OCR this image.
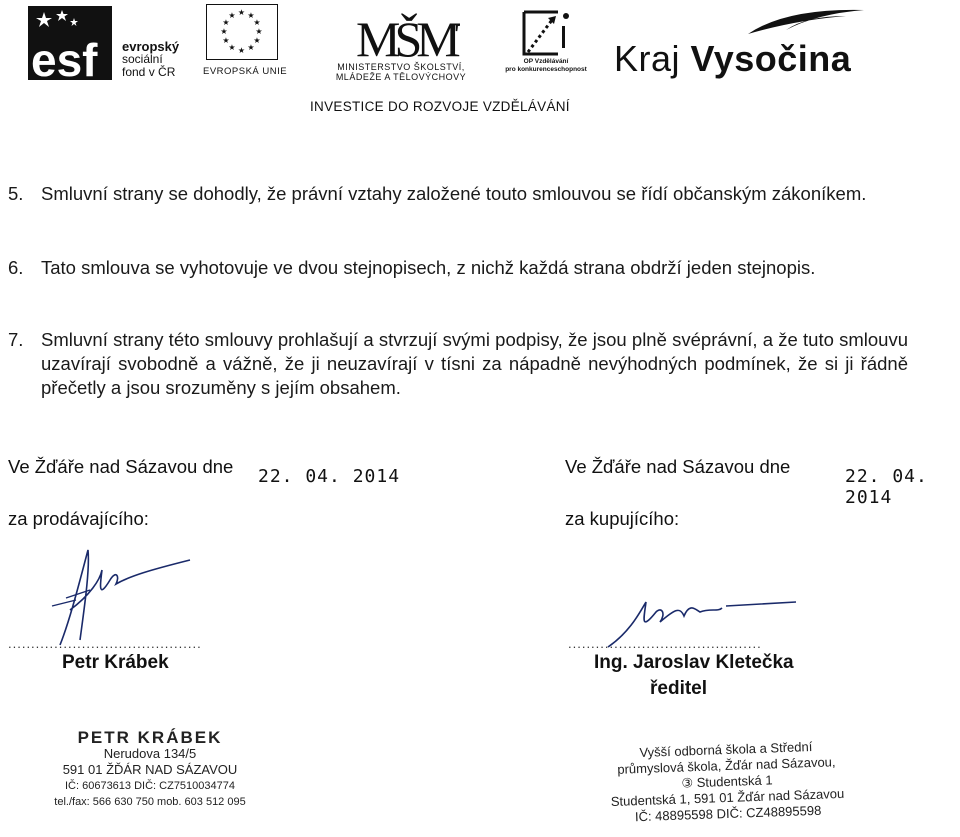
esf evropský
sociální
fond v ČR
★ ★
★
★
★
★
★
★
★
★
★
★
EVROPSKÁ UNIE
MŠM
MINISTERSTVO ŠKOLSTVÍ,
MLÁDEŽE A TĚLOVÝCHOVY
OP Vzdělávání
pro konkurenceschopnost Kraj Vysočina
INVESTICE DO ROZVOJE VZDĚLÁVÁNÍ
5. Smluvní strany se dohodly, že právní vztahy založené touto smlouvou se řídí občanským zákoníkem.
6. Tato smlouva se vyhotovuje ve dvou stejnopisech, z nichž každá strana obdrží jeden stejnopis.
7. Smluvní strany této smlouvy prohlašují a stvrzují svými podpisy, že jsou plně svéprávní, a že tuto smlouvu uzavírají svobodně a vážně, že ji neuzavírají v tísni za nápadně nevýhodných podmínek, že si ji řádně přečetly a jsou srozuměny s jejím obsahem.
Ve Žďáře nad Sázavou dne 22. 04. 2014	Ve Žďáře nad Sázavou dne	22. 04. 2014
za prodávajícího:	za kupujícího:
..........................................	..........................................
Petr Krábek	Ing. Jaroslav Kletečka
ředitel
PETR KRÁBEK
Nerudova 134/5
591 01 ŽĎÁR NAD SÁZAVOU
IČ: 60673613 DIČ: CZ7510034774
tel./fax: 566 630 750 mob. 603 512 095
Vyšší odborná škola a Střední
průmyslová škola, Žďár nad Sázavou,
③ Studentská 1
Studentská 1, 591 01 Žďár nad Sázavou
IČ: 48895598 DIČ: CZ48895598
